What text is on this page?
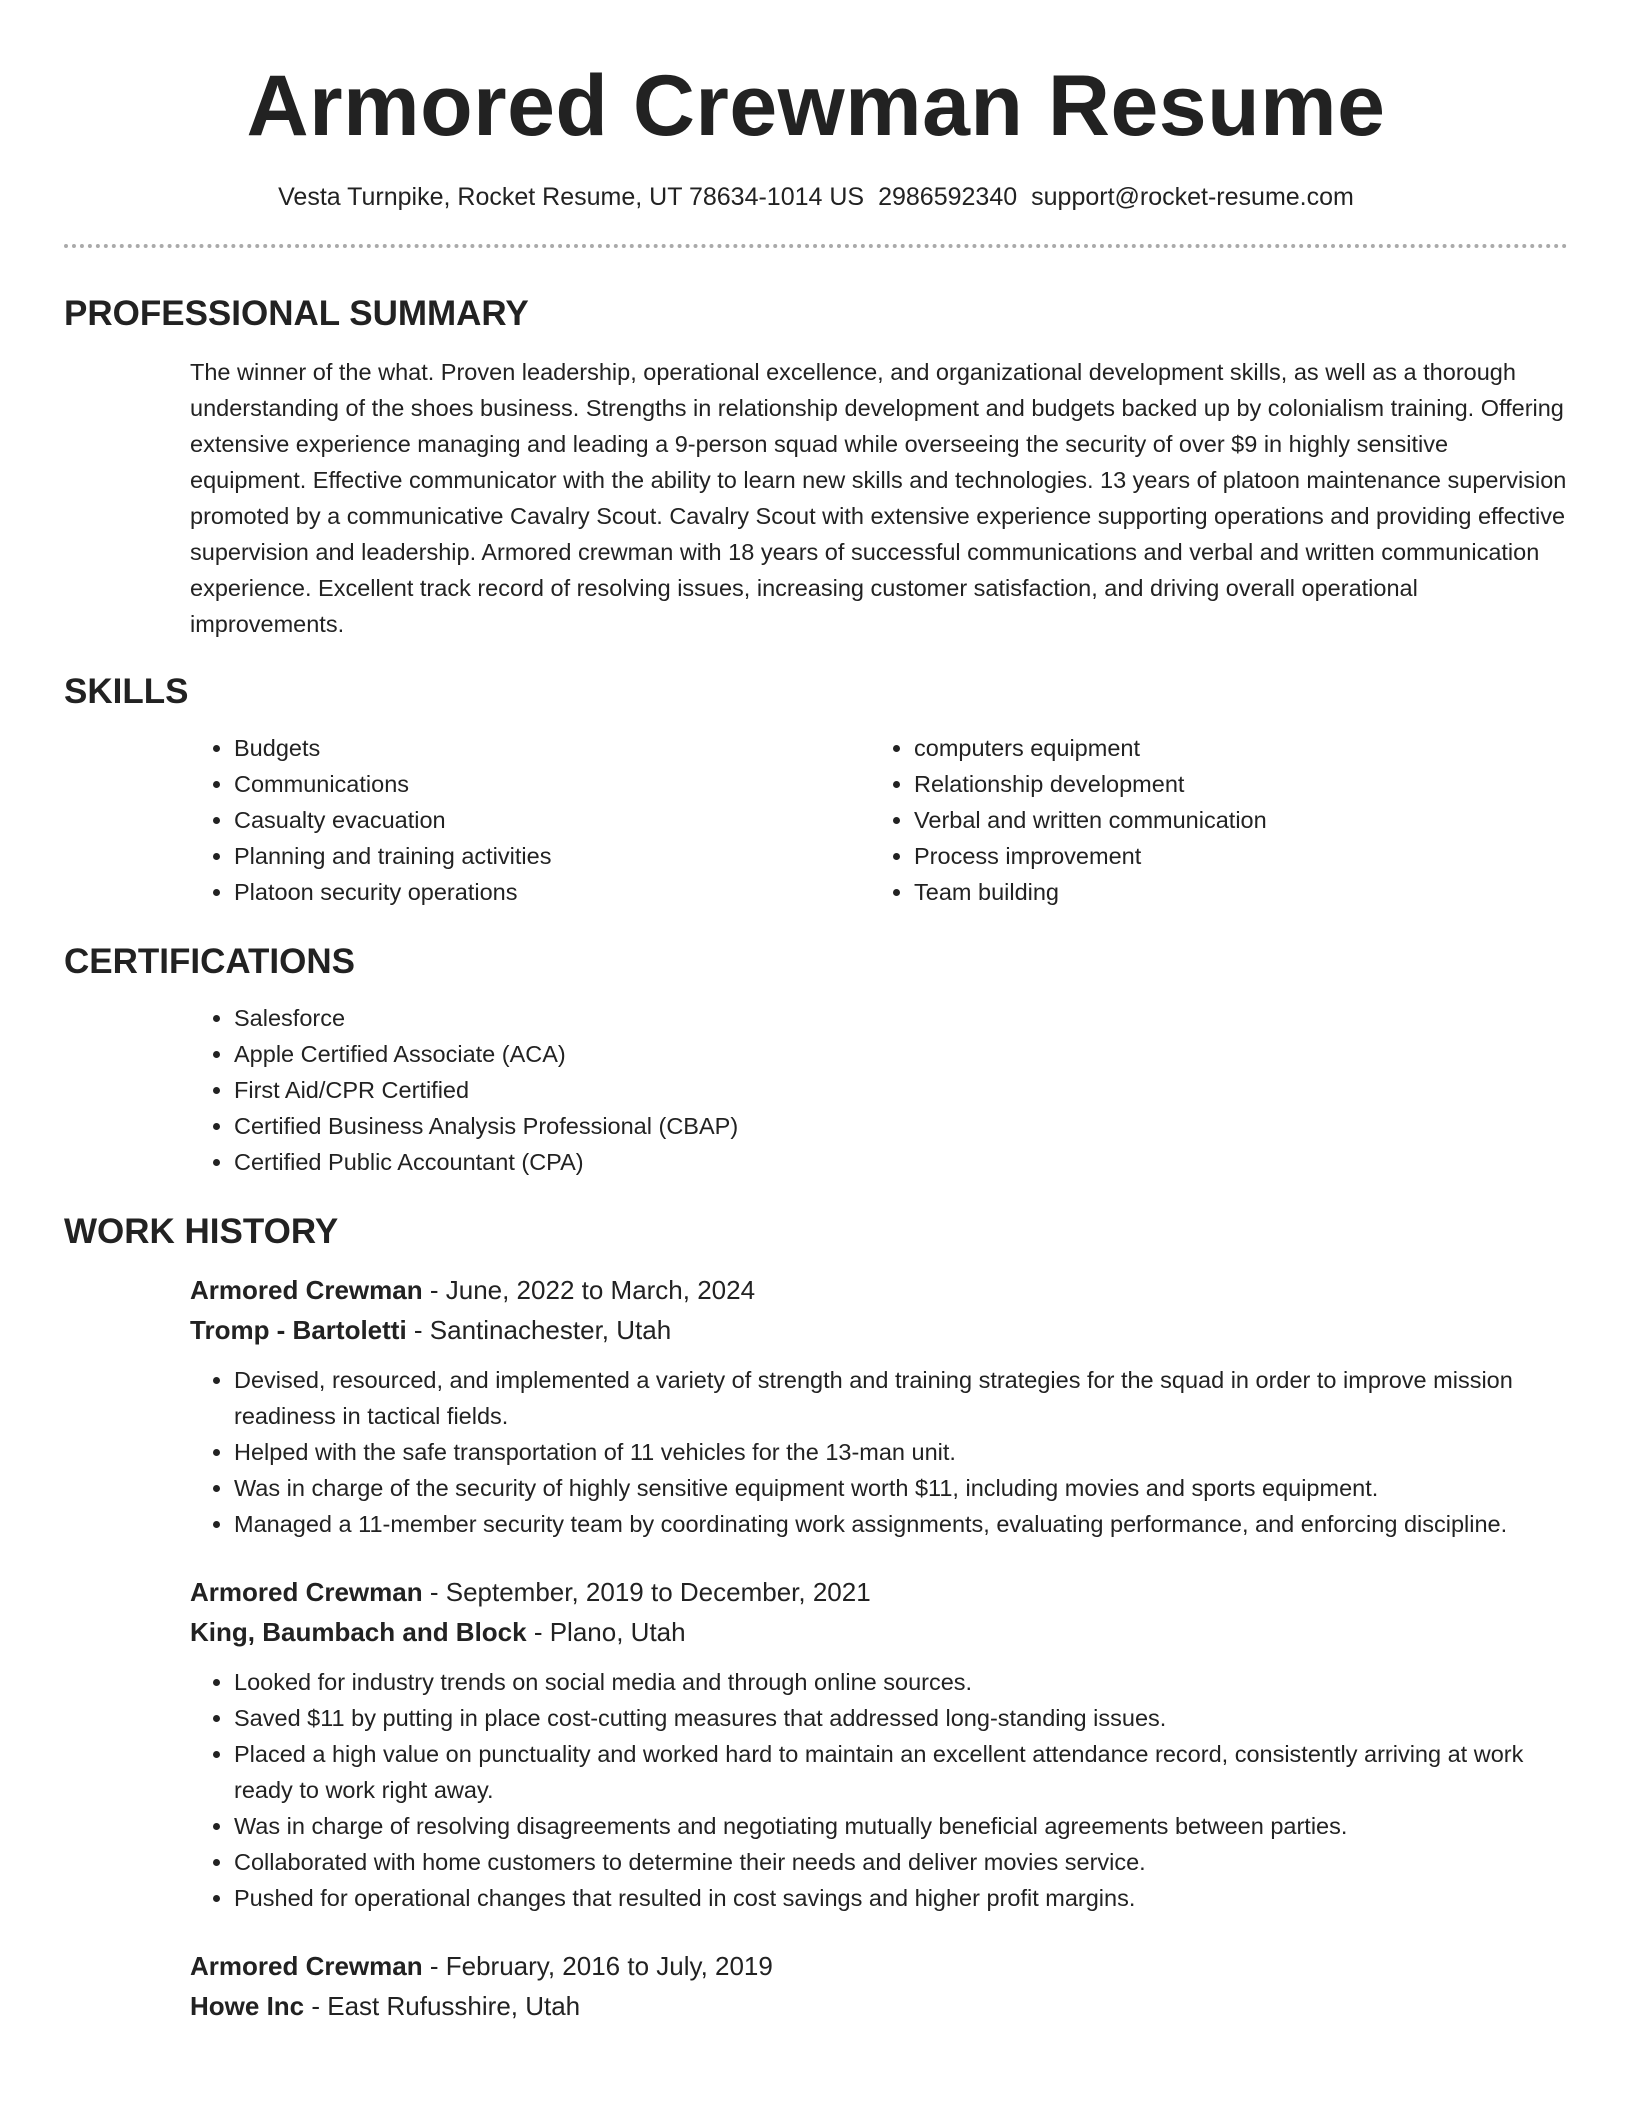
Armored Crewman Resume
Vesta Turnpike, Rocket Resume, UT 78634-1014 US 2986592340 support@rocket-resume.com
PROFESSIONAL SUMMARY

The winner of the what. Proven leadership, operational excellence, and organizational development skills, as well as a thorough understanding of the shoes business. Strengths in relationship development and budgets backed up by colonialism training. Offering extensive experience managing and leading a 9-person squad while overseeing the security of over $9 in highly sensitive equipment. Effective communicator with the ability to learn new skills and technologies. 13 years of platoon maintenance supervision promoted by a communicative Cavalry Scout. Cavalry Scout with extensive experience supporting operations and providing effective supervision and leadership. Armored crewman with 18 years of successful communications and verbal and written communication experience. Excellent track record of resolving issues, increasing customer satisfaction, and driving overall operational improvements.

SKILLS
• Budgets
• Communications
• Casualty evacuation
• Planning and training activities
• Platoon security operations
• computers equipment
• Relationship development
• Verbal and written communication
• Process improvement
• Team building
CERTIFICATIONS
• Salesforce
• Apple Certified Associate (ACA)
• First Aid/CPR Certified
• Certified Business Analysis Professional (CBAP)
• Certified Public Accountant (CPA)
WORK HISTORY
Armored Crewman - June, 2022 to March, 2024
Tromp - Bartoletti - Santinachester, Utah
• Devised, resourced, and implemented a variety of strength and training strategies for the squad in order to improve mission readiness in tactical fields.
• Helped with the safe transportation of 11 vehicles for the 13-man unit.
• Was in charge of the security of highly sensitive equipment worth $11, including movies and sports equipment.
• Managed a 11-member security team by coordinating work assignments, evaluating performance, and enforcing discipline.
Armored Crewman - September, 2019 to December, 2021
King, Baumbach and Block - Plano, Utah
• Looked for industry trends on social media and through online sources.
• Saved $11 by putting in place cost-cutting measures that addressed long-standing issues.
• Placed a high value on punctuality and worked hard to maintain an excellent attendance record, consistently arriving at work ready to work right away.
• Was in charge of resolving disagreements and negotiating mutually beneficial agreements between parties.
• Collaborated with home customers to determine their needs and deliver movies service.
• Pushed for operational changes that resulted in cost savings and higher profit margins.
Armored Crewman - February, 2016 to July, 2019
Howe Inc - East Rufusshire, Utah
